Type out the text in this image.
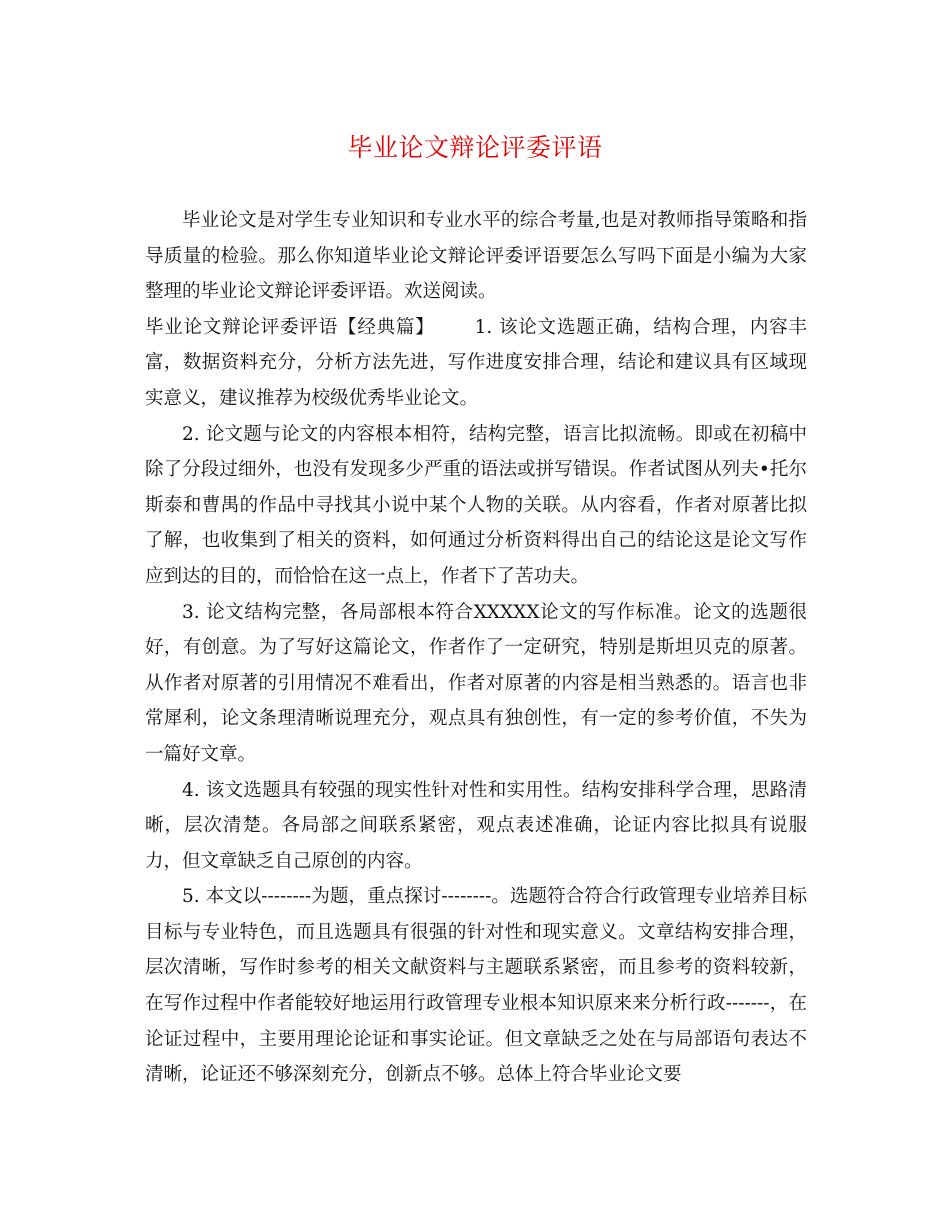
毕业论文辩论评委评语

毕业论文是对学生专业知识和专业水平的综合考量,也是对教师指导策略和指导质量的检验。那么你知道毕业论文辩论评委评语要怎么写吗下面是小编为大家整理的毕业论文辩论评委评语。欢送阅读。

毕业论文辩论评委评语【经典篇】 1. 该论文选题正确，结构合理，内容丰富，数据资料充分，分析方法先进，写作进度安排合理，结论和建议具有区域现实意义，建议推荐为校级优秀毕业论文。

2. 论文题与论文的内容根本相符，结构完整，语言比拟流畅。即或在初稿中除了分段过细外，也没有发现多少严重的语法或拼写错误。作者试图从列夫•托尔斯泰和曹禺的作品中寻找其小说中某个人物的关联。从内容看，作者对原著比拟了解，也收集到了相关的资料，如何通过分析资料得出自己的结论这是论文写作应到达的目的，而恰恰在这一点上，作者下了苦功夫。

3. 论文结构完整，各局部根本符合XXXXX论文的写作标准。论文的选题很好，有创意。为了写好这篇论文，作者作了一定研究，特别是斯坦贝克的原著。从作者对原著的引用情况不难看出，作者对原著的内容是相当熟悉的。语言也非常犀利，论文条理清晰说理充分，观点具有独创性，有一定的参考价值，不失为一篇好文章。

4. 该文选题具有较强的现实性针对性和实用性。结构安排科学合理，思路清晰，层次清楚。各局部之间联系紧密，观点表述准确，论证内容比拟具有说服力，但文章缺乏自己原创的内容。

5. 本文以--------为题，重点探讨--------。选题符合符合行政管理专业培养目标目标与专业特色，而且选题具有很强的针对性和现实意义。文章结构安排合理，层次清晰，写作时参考的相关文献资料与主题联系紧密，而且参考的资料较新，在写作过程中作者能较好地运用行政管理专业根本知识原来来分析行政-------，在论证过程中，主要用理论论证和事实论证。但文章缺乏之处在与局部语句表达不清晰，论证还不够深刻充分，创新点不够。总体上符合毕业论文要
